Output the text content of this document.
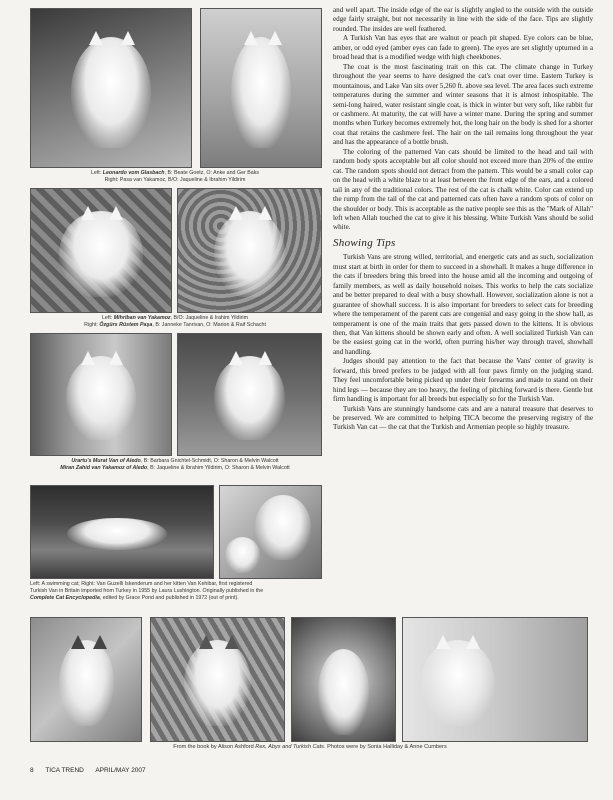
Left: Leonardo vom Glasbach, B: Beate Goetz, O: Anke and Ger Baks
Right: Pasa van Yakamoz, B/O: Jaqueline & Ibrahim Yildirim
Left: Mihriban van Yakamoz, B/O: Jaqueline & Irahim Yildirim
Right: Özgürs Rüstem Paşa, B: Janneke Tanrivan, O: Marion & Raif Schacht
Urartu's Murat Van of Aledo, B: Barbara Gnichtel-Schmidt, O: Sharon & Melvin Walcott
Miran Zahid van Yakamoz of Aledo, B: Jaqueline & Ibrahim Yildirim, O: Sharon & Melvin Walcott
Left: A swimming cat; Right: Van Guzelli Iskenderum and her kitten Van Kehibar, first registered
Turkish Van in Britain imported from Turkey in 1955 by Laura Lushington. Originally published in the
Complete Cat Encyclopedia, edited by Grace Pond and published in 1972 (out of print).
From the book by Alison Ashford Rex, Abys and Turkish Cats. Photos were by Sonia Halliday & Anne Cumbers

and well apart. The inside edge of the ear is slightly angled to the outside with the outside edge fairly straight, but not necessarily in line with the side of the face. Tips are slightly rounded. The insides are well feathered.

A Turkish Van has eyes that are walnut or peach pit shaped. Eye colors can be blue, amber, or odd eyed (amber eyes can fade to green). The eyes are set slightly upturned in a broad head that is a modified wedge with high cheekbones.

The coat is the most fascinating trait on this cat. The climate change in Turkey throughout the year seems to have designed the cat's coat over time. Eastern Turkey is mountainous, and Lake Van sits over 5,260 ft. above sea level. The area faces such extreme temperatures during the summer and winter seasons that it is almost inhospitable. The semi-long haired, water resistant single coat, is thick in winter but very soft, like rabbit fur or cashmere. At maturity, the cat will have a winter mane. During the spring and summer months when Turkey becomes extremely hot, the long hair on the body is shed for a shorter coat that retains the cashmere feel. The hair on the tail remains long throughout the year and has the appearance of a bottle brush.

The coloring of the patterned Van cats should be limited to the head and tail with random body spots acceptable but all color should not exceed more than 20% of the entire cat. The random spots should not detract from the pattern. This would be a small color cap on the head with a white blaze to at least between the front edge of the ears, and a colored tail in any of the traditional colors. The rest of the cat is chalk white. Color can extend up the rump from the tail of the cat and patterned cats often have a random spots of color on the shoulder or body. This is acceptable as the native people see this as the "Mark of Allah" left when Allah touched the cat to give it his blessing. White Turkish Vans should be solid white.

Showing Tips

Turkish Vans are strong willed, territorial, and energetic cats and as such, socialization must start at birth in order for them to succeed in a showhall. It makes a huge difference in the cats if breeders bring this breed into the house amid all the incoming and outgoing of family members, as well as daily household noises. This works to help the cats socialize and be better prepared to deal with a busy showhall. However, socialization alone is not a guarantee of showhall success. It is also important for breeders to select cats for breeding where the temperament of the parent cats are congenial and easy going in the show hall, as temperament is one of the main traits that gets passed down to the kittens. It is obvious then, that Van kittens should be shown early and often. A well socialized Turkish Van can be the easiest going cat in the world, often purring his/her way through travel, showhall and handling.

Judges should pay attention to the fact that because the Vans' center of gravity is forward, this breed prefers to be judged with all four paws firmly on the judging stand. They feel uncomfortable being picked up under their forearms and made to stand on their hind legs — because they are too heavy, the feeling of pitching forward is there. Gentle but firm handling is important for all breeds but especially so for the Turkish Van.

Turkish Vans are stunningly handsome cats and are a natural treasure that deserves to be preserved. We are committed to helping TICA become the preserving registry of the Turkish Van cat — the cat that the Turkish and Armenian people so highly treasure.

8 TICA TREND APRIL/MAY 2007
